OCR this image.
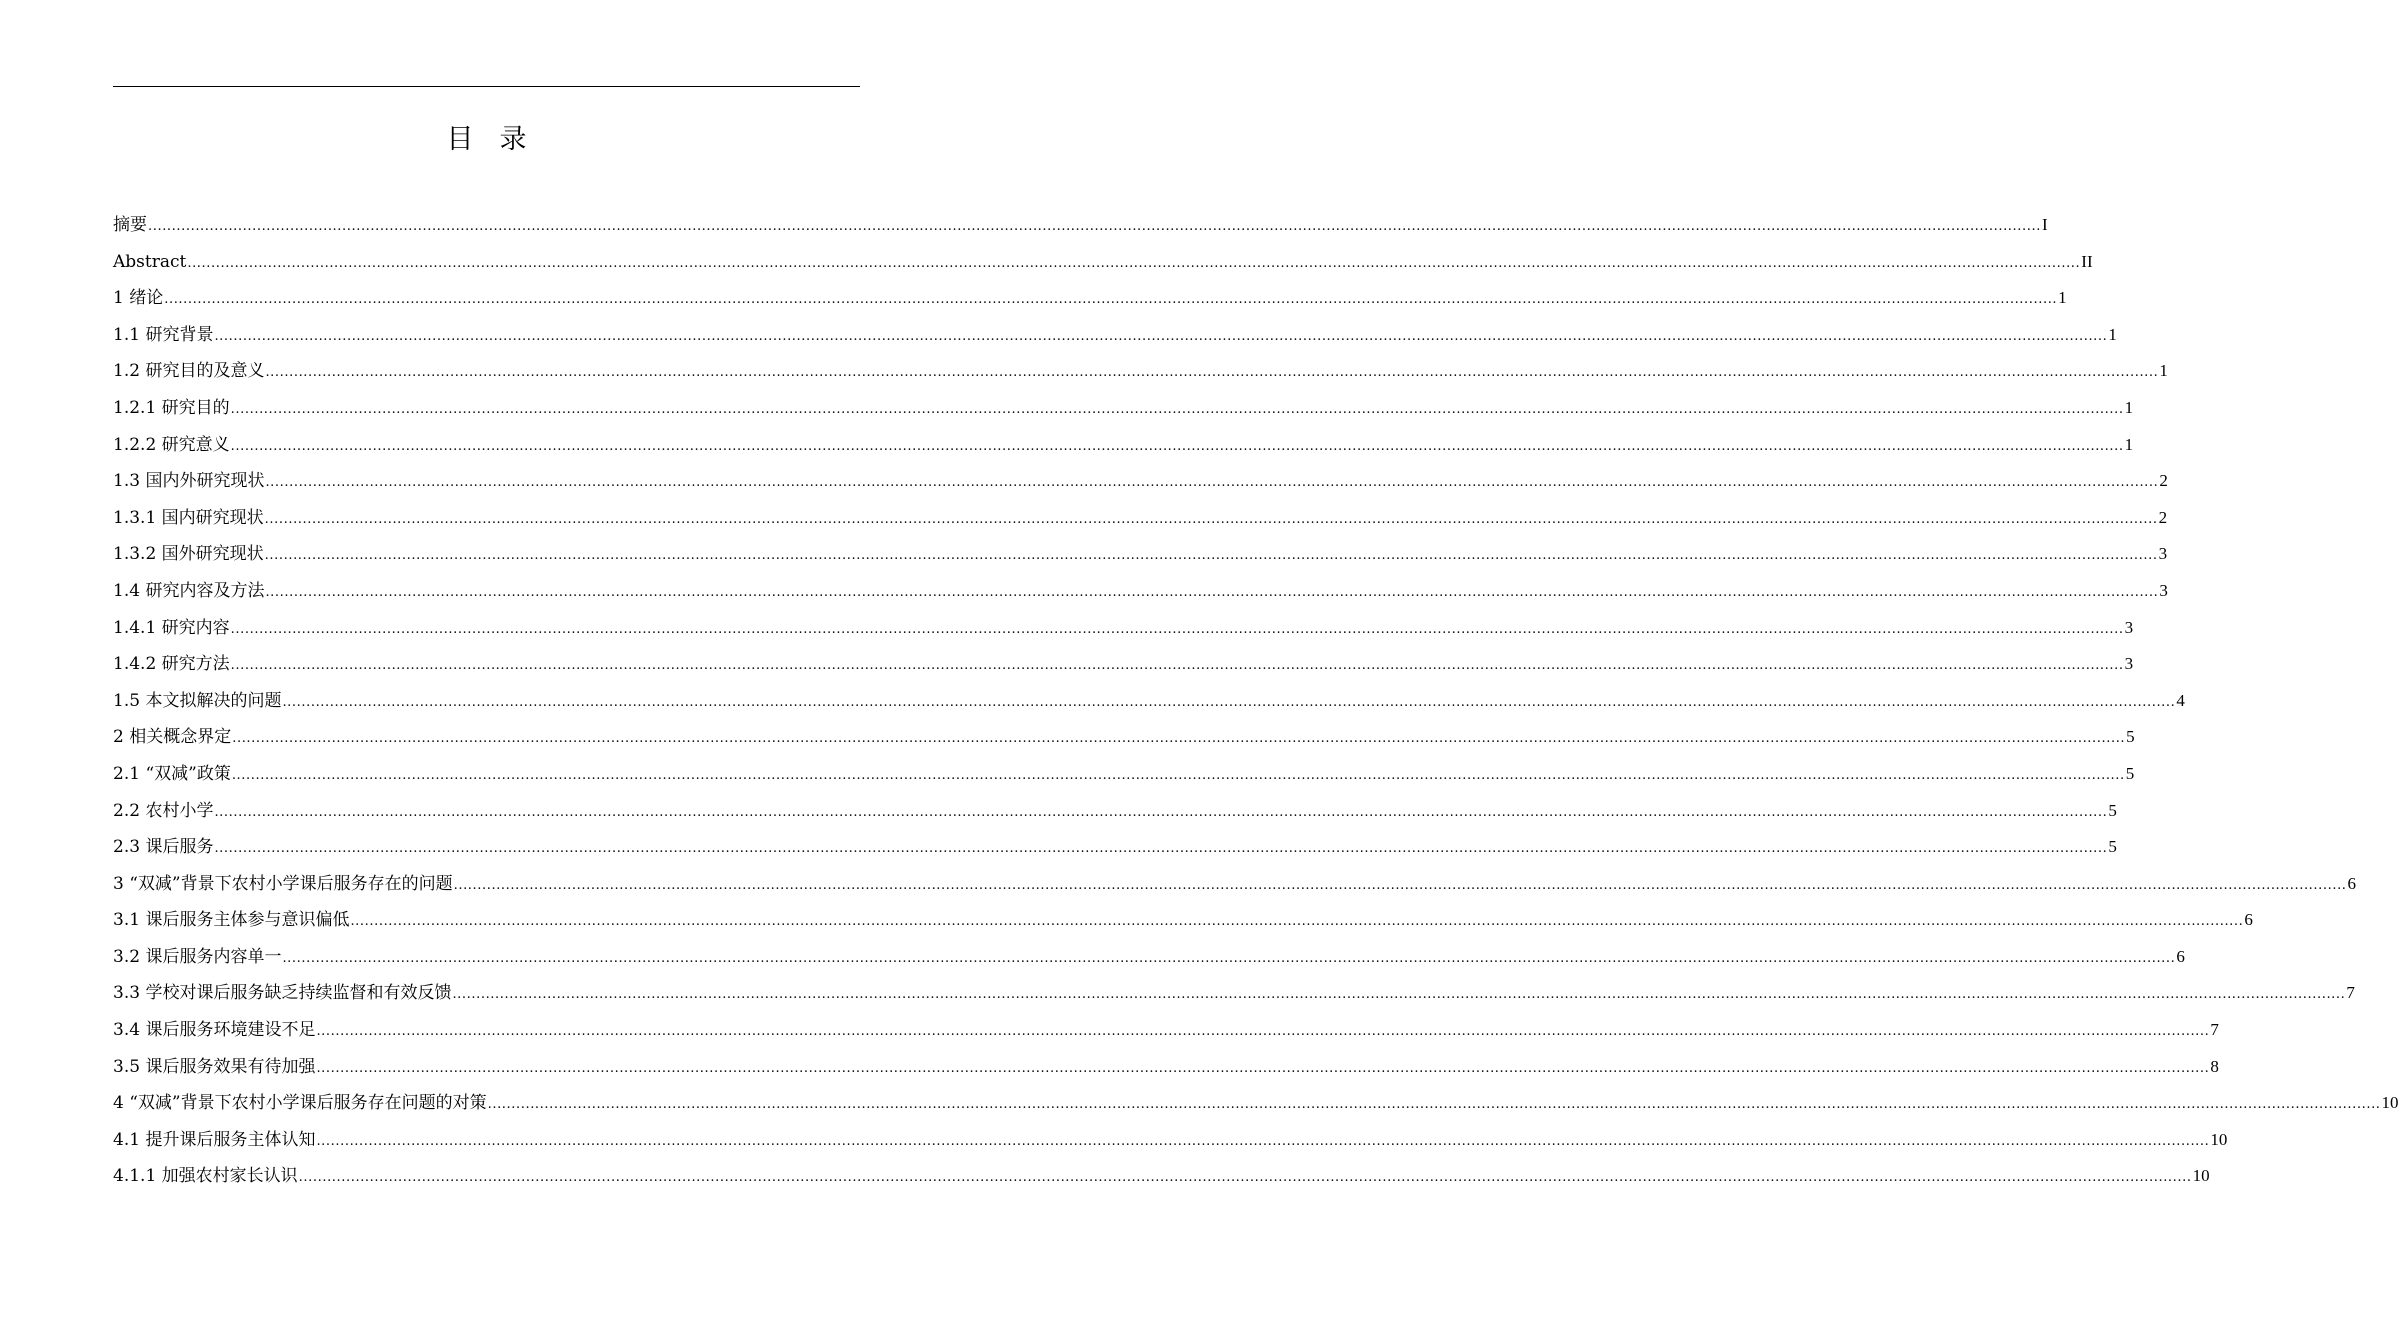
目录
摘要 ................................................................................................................................................................................................................................................................................................................................................................................................................ I
Abstract ................................................................................................................................................................................................................................................................................................................................................................................................................ II
1 绪论 ................................................................................................................................................................................................................................................................................................................................................................................................................ 1
1.1 研究背景 ................................................................................................................................................................................................................................................................................................................................................................................................................ 1
1.2 研究目的及意义 ................................................................................................................................................................................................................................................................................................................................................................................................................ 1
1.2.1 研究目的 ................................................................................................................................................................................................................................................................................................................................................................................................................ 1
1.2.2 研究意义 ................................................................................................................................................................................................................................................................................................................................................................................................................ 1
1.3 国内外研究现状 ................................................................................................................................................................................................................................................................................................................................................................................................................ 2
1.3.1 国内研究现状 ................................................................................................................................................................................................................................................................................................................................................................................................................ 2
1.3.2 国外研究现状 ................................................................................................................................................................................................................................................................................................................................................................................................................ 3
1.4 研究内容及方法 ................................................................................................................................................................................................................................................................................................................................................................................................................ 3
1.4.1 研究内容 ................................................................................................................................................................................................................................................................................................................................................................................................................ 3
1.4.2 研究方法 ................................................................................................................................................................................................................................................................................................................................................................................................................ 3
1.5 本文拟解决的问题 ................................................................................................................................................................................................................................................................................................................................................................................................................ 4
2 相关概念界定 ................................................................................................................................................................................................................................................................................................................................................................................................................ 5
2.1 “双减”政策 ................................................................................................................................................................................................................................................................................................................................................................................................................ 5
2.2 农村小学 ................................................................................................................................................................................................................................................................................................................................................................................................................ 5
2.3 课后服务 ................................................................................................................................................................................................................................................................................................................................................................................................................ 5
3 “双减”背景下农村小学课后服务存在的问题 ................................................................................................................................................................................................................................................................................................................................................................................................................ 6
3.1 课后服务主体参与意识偏低 ................................................................................................................................................................................................................................................................................................................................................................................................................ 6
3.2 课后服务内容单一 ................................................................................................................................................................................................................................................................................................................................................................................................................ 6
3.3 学校对课后服务缺乏持续监督和有效反馈 ................................................................................................................................................................................................................................................................................................................................................................................................................ 7
3.4 课后服务环境建设不足 ................................................................................................................................................................................................................................................................................................................................................................................................................ 7
3.5 课后服务效果有待加强 ................................................................................................................................................................................................................................................................................................................................................................................................................ 8
4 “双减”背景下农村小学课后服务存在问题的对策 ................................................................................................................................................................................................................................................................................................................................................................................................................ 10
4.1 提升课后服务主体认知 ................................................................................................................................................................................................................................................................................................................................................................................................................ 10
4.1.1 加强农村家长认识 ................................................................................................................................................................................................................................................................................................................................................................................................................ 10
